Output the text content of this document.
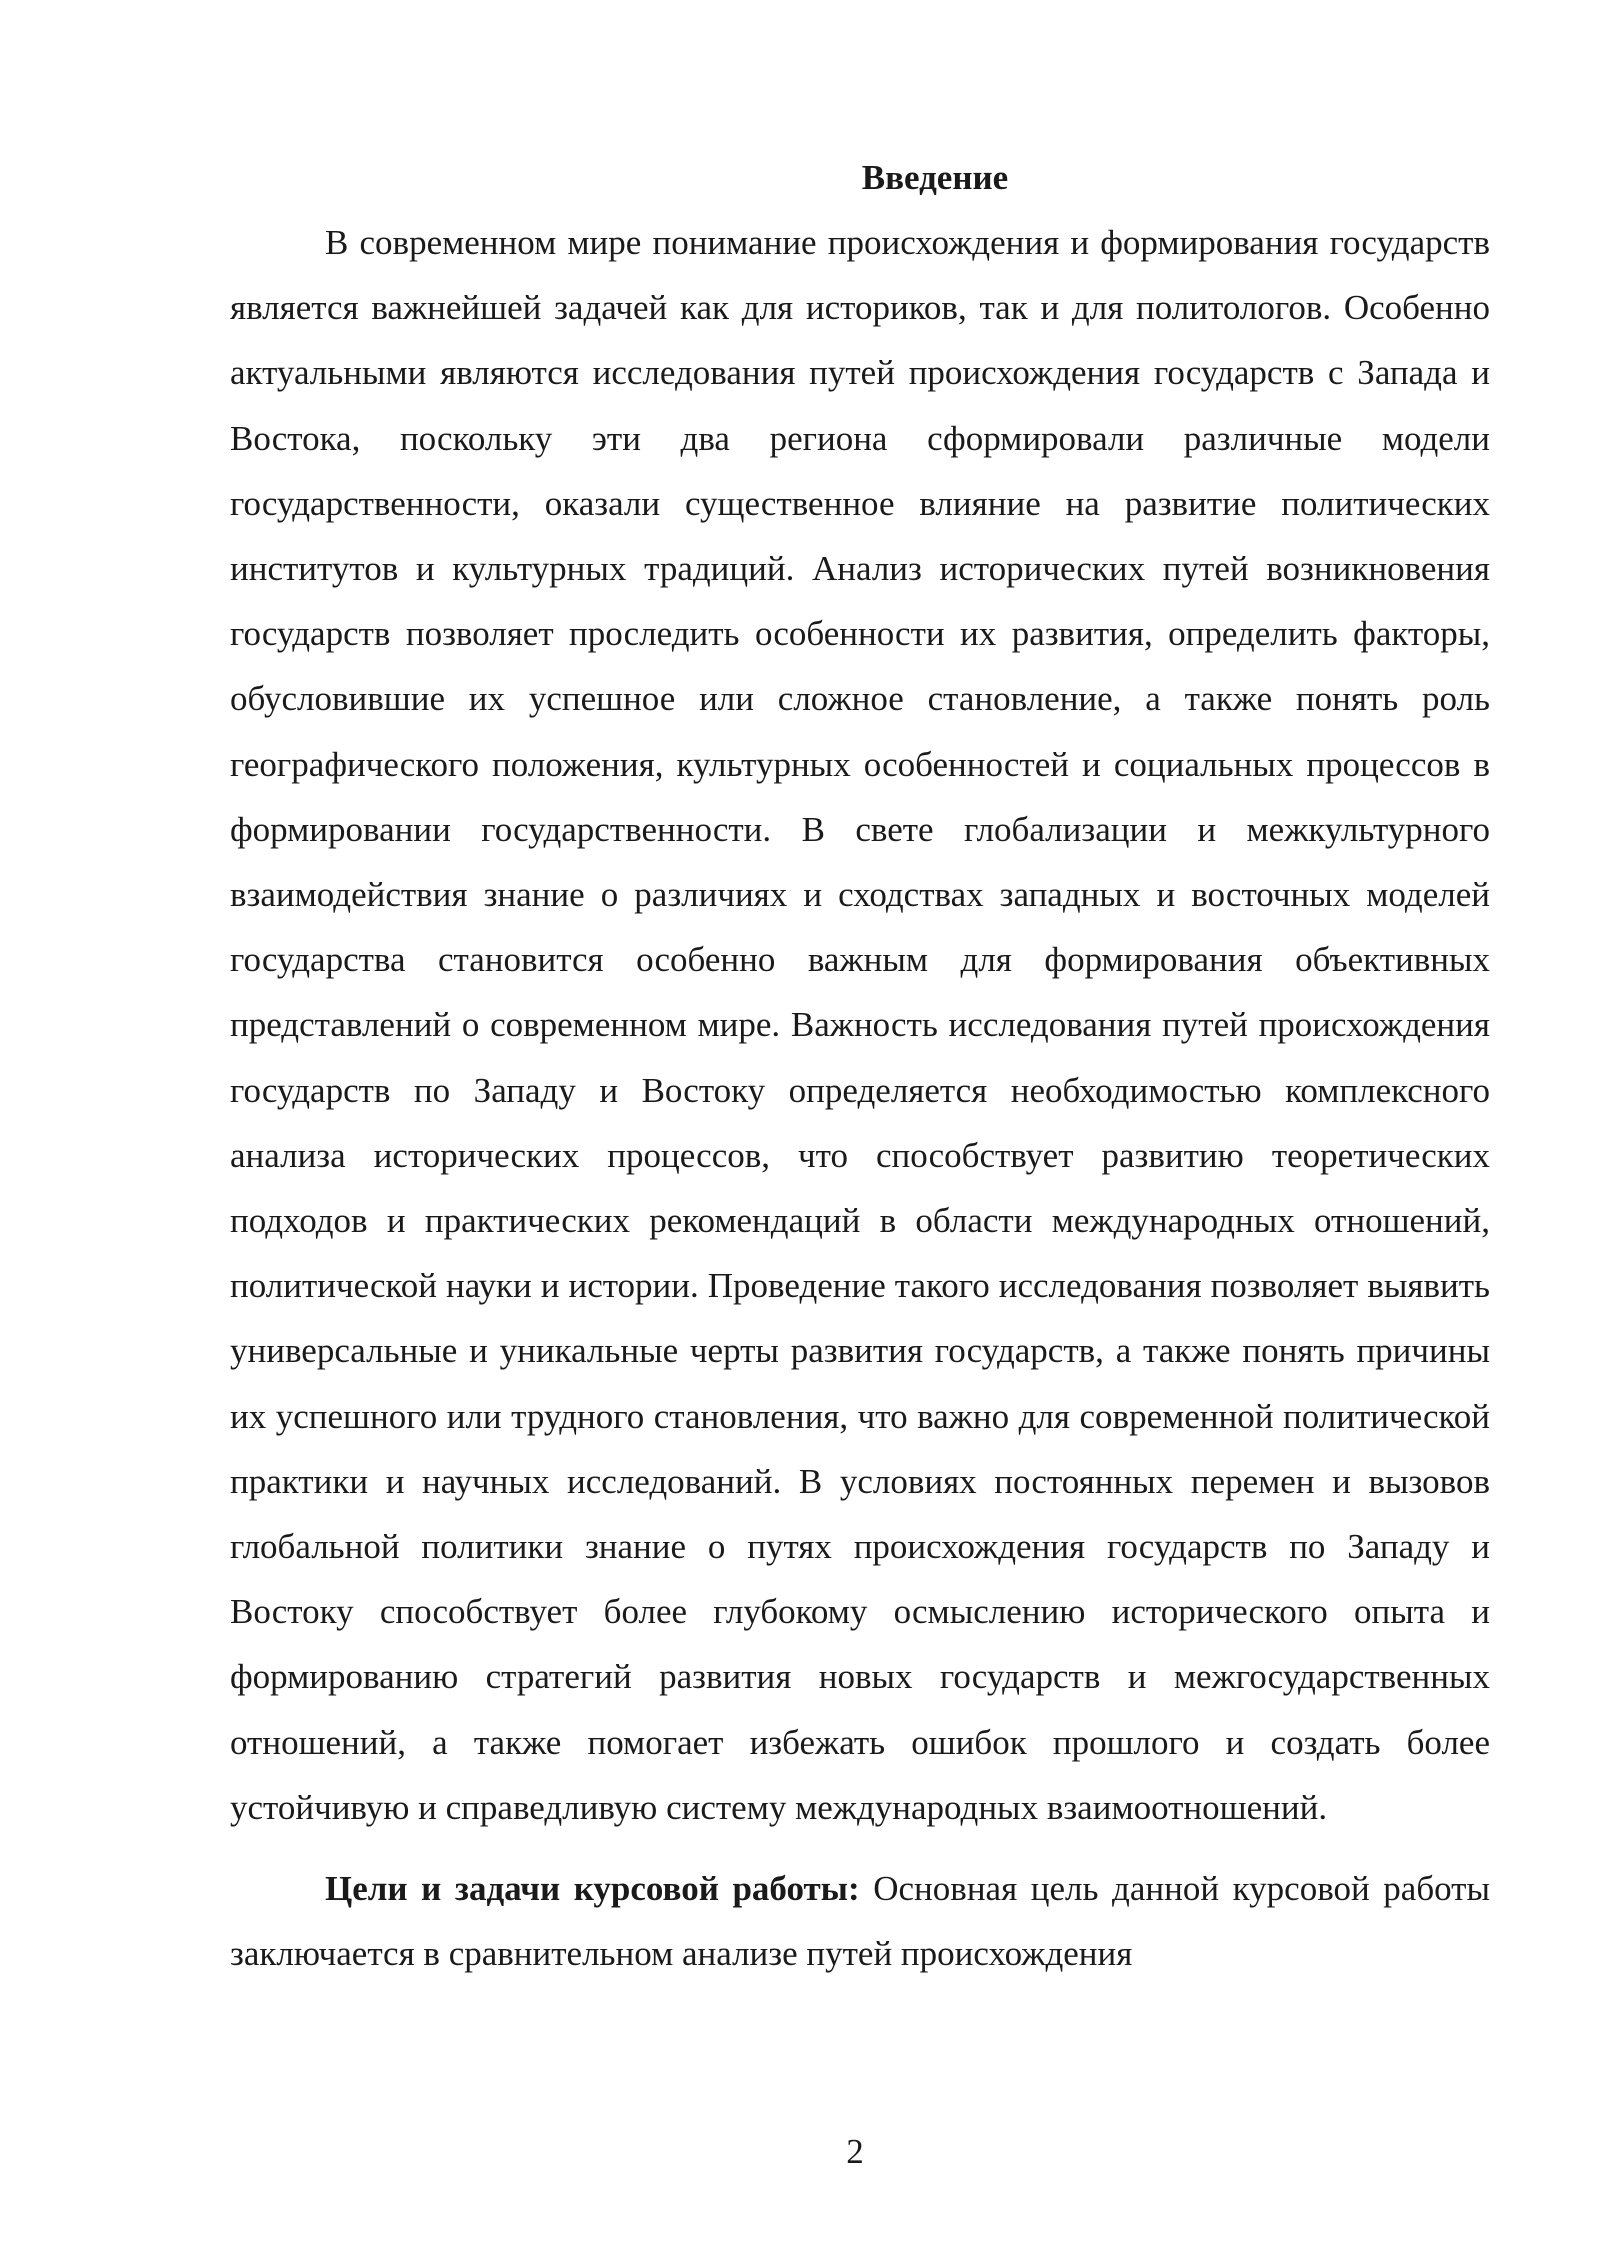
Введение

В современном мире понимание происхождения и формирования государств является важнейшей задачей как для историков, так и для политологов. Особенно актуальными являются исследования путей происхождения государств с Запада и Востока, поскольку эти два региона сформировали различные модели государственности, оказали существенное влияние на развитие политических институтов и культурных традиций. Анализ исторических путей возникновения государств позволяет проследить особенности их развития, определить факторы, обусловившие их успешное или сложное становление, а также понять роль географического положения, культурных особенностей и социальных процессов в формировании государственности. В свете глобализации и межкультурного взаимодействия знание о различиях и сходствах западных и восточных моделей государства становится особенно важным для формирования объективных представлений о современном мире. Важность исследования путей происхождения государств по Западу и Востоку определяется необходимостью комплексного анализа исторических процессов, что способствует развитию теоретических подходов и практических рекомендаций в области международных отношений, политической науки и истории. Проведение такого исследования позволяет выявить универсальные и уникальные черты развития государств, а также понять причины их успешного или трудного становления, что важно для современной политической практики и научных исследований. В условиях постоянных перемен и вызовов глобальной политики знание о путях происхождения государств по Западу и Востоку способствует более глубокому осмыслению исторического опыта и формированию стратегий развития новых государств и межгосударственных отношений, а также помогает избежать ошибок прошлого и создать более устойчивую и справедливую систему международных взаимоотношений.

Цели и задачи курсовой работы: Основная цель данной курсовой работы заключается в сравнительном анализе путей происхождения

2
